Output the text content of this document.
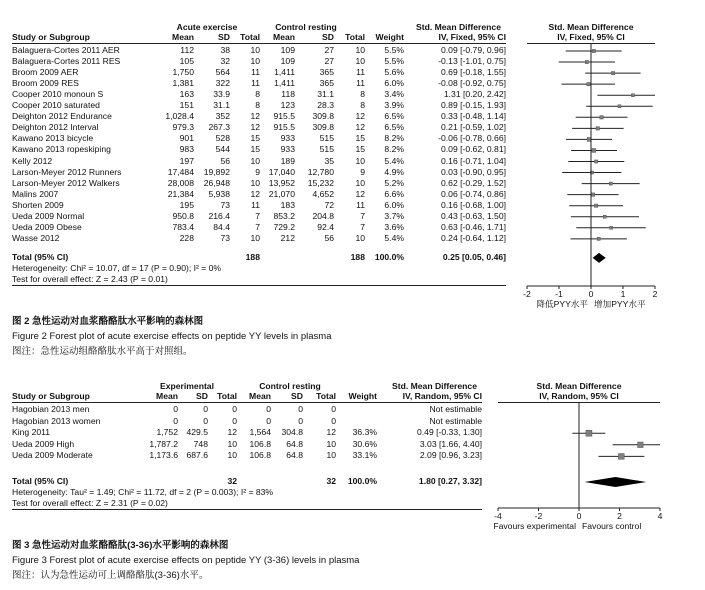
Acute exercise	Control resting	Std. Mean Difference	Std. Mean Difference
Study or Subgroup	Mean	SD Total Mean	SD Total Weight	IV, Fixed, 95% CI	IV, Fixed, 95% CI
Balaguera-Cortes 2011 AER	112	38 10 109	27 10 5.5%	0.09 [-0.79, 0.96]
Balaguera-Cortes 2011 RES	105	32 10 109	27 10 5.5%	-0.13 [-1.01, 0.75]
Broom 2009 AER	1,750	564 11 1,411	365	11 5.6%	0.69 [-0.18, 1.55]
Broom 2009 RES	1,381	322 11 1,411	365	11 6.0%	-0.08 [-0.92, 0.75]
Cooper 2010 monoun S	163 33.9	8 118	31.1	8 3.4%	1.31 [0.20, 2.42]
Cooper 2010 saturated	151 31.1	8 123	28.3	8 3.9%	0.89 [-0.15, 1.93]
Deighton 2012 Endurance	1,028.4	352 12 915.5 309.8 12 6.5%	0.33 [-0.48, 1.14]
Deighton 2012 Interval	979.3 267.3 12 915.5 309.8 12 6.5%	0.21 [-0.59, 1.02]
Kawano 2013 bicycle	901	528 15 933	515 15 8.2%	-0.06 [-0.78, 0.66]
Kawano 2013 ropeskiping	983	544 15 933	515 15 8.2%	0.09 [-0.62, 0.81]
Kelly 2012	197	56 10 189	35 10 5.4%	0.16 [-0.71, 1.04]
Larson-Meyer 2012 Runners	17,484 19,892	9 17,040 12,780	9 4.9%	0.03 [-0.90, 0.95]
Larson-Meyer 2012 Walkers	28,008 26,948 10 13,952 15,232 10 5.2%	0.62 [-0.29, 1.52]
Malins 2007	21,384 5,938 12 21,070 4,652 12 6.6%	0.06 [-0.74, 0.86]
Shorten 2009	195	73 11 183	72	11 6.0%	0.16 [-0.68, 1.00]
Ueda 2009 Normal	950.8 216.4	7 853.2 204.8	7 3.7%	0.43 [-0.63, 1.50]
Ueda 2009 Obese	783.4 84.4	7 729.2	92.4	7 3.6%	0.63 [-0.46, 1.71]
Wasse 2012	228	73 10 212	56 10 5.4%	0.24 [-0.64, 1.12]
Total (95% CI)	188	188 100.0%	0.25 [0.05, 0.46]
Heterogeneity: Chi² = 10.07, df = 17 (P = 0.90); I² = 0%
Test for overall effect: Z = 2.43 (P = 0.01)
-2	-1	0	1	2
降低PYY水平 增加PYY水平
图 2 急性运动对血浆酪酪肽水平影响的森林图
Figure 2 Forest plot of acute exercise effects on peptide YY levels in plasma
图注：急性运动组酪酪肽水平高于对照组。
Experimental	Control resting	Std. Mean Difference	Std. Mean Difference
Study or Subgroup	Mean SD Total Mean SD Total Weight	IV, Random, 95% CI	IV, Random, 95% CI
Hagobian 2013 men	0	0	0	0	0	0	Not estimable
Hagobian 2013 women	0	0	0	0	0	0	Not estimable
King 2011	1,752 429.5 12 1,564 304.8	12 36.3%	0.49 [-0.33, 1.30]
Ueda 2009 High	1,787.2 748 10 106.8 64.8	10 30.6%	3.03 [1.66, 4.40]
Ueda 2009 Moderate	1,173.6 687.6 10 106.8 64.8	10 33.1%	2.09 [0.96, 3.23]
Total (95% CI)	32	32 100.0%	1.80 [0.27, 3.32]
Heterogeneity: Tau² = 1.49; Chi² = 11.72, df = 2 (P = 0.003); I² = 83%
Test for overall effect: Z = 2.31 (P = 0.02)
-4	-2	0	2	4
Favours experimental Favours control
图 3 急性运动对血浆酪酪肽(3-36)水平影响的森林图
Figure 3 Forest plot of acute exercise effects on peptide YY (3-36) levels in plasma
图注：认为急性运动可上调酪酪肽(3-36)水平。
